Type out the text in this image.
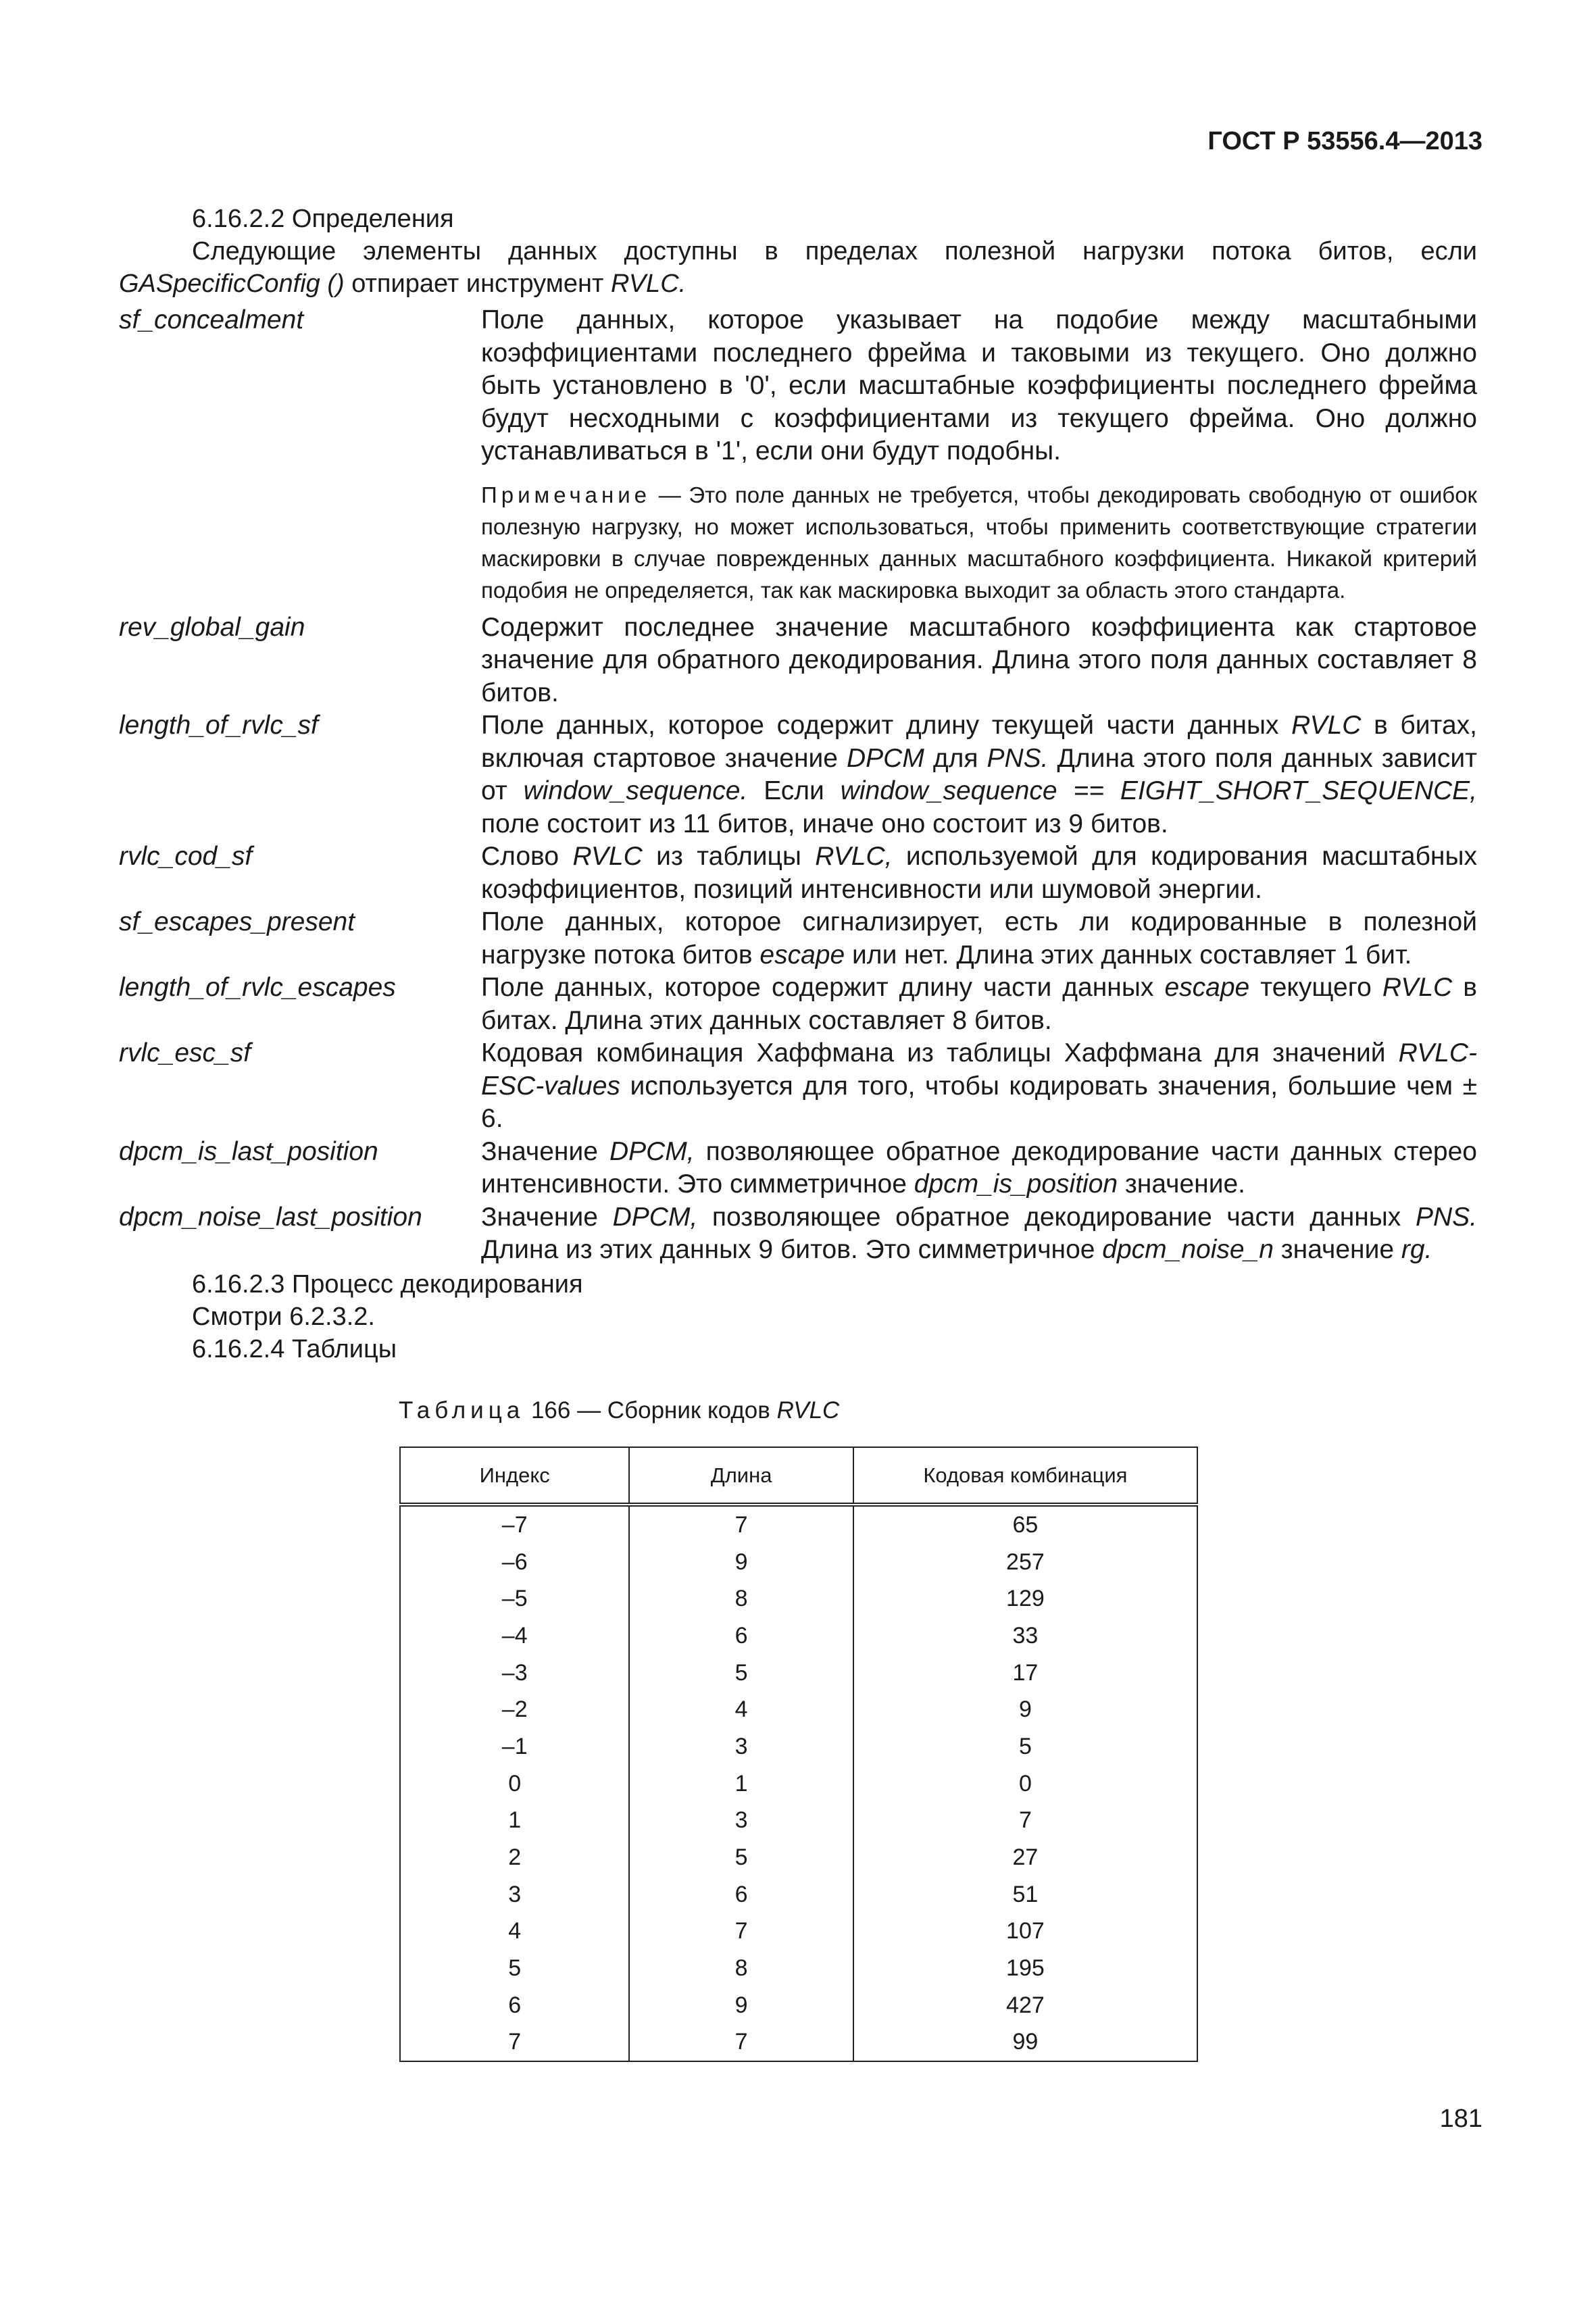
ГОСТ Р 53556.4—2013

6.16.2.2 Определения

Следующие элементы данных доступны в пределах полезной нагрузки потока битов, если
GASpecificConfig () отпирает инструмент RVLC.

sf_concealment	Поле данных, которое указывает на подобие между масштабными коэффициентами последнего фрейма и таковыми из текущего. Оно должно быть установлено в '0', если масштабные коэффициенты последнего фрейма будут несходными с коэффициентами из текущего фрейма. Оно должно устанавливаться в '1', если они будут подобны.
Примечание — Это поле данных не требуется, чтобы декодировать свободную от ошибок полезную нагрузку, но может использоваться, чтобы применить соответствующие стратегии маскировки в случае поврежденных данных масштабного коэффициента. Никакой критерий подобия не определяется, так как маскировка выходит за область этого стандарта.
rev_global_gain	Содержит последнее значение масштабного коэффициента как стартовое значение для обратного декодирования. Длина этого поля данных составляет 8 битов.
length_of_rvlc_sf	Поле данных, которое содержит длину текущей части данных RVLC в битах, включая стартовое значение DPCM для PNS. Длина этого поля данных зависит от window_sequence. Если window_sequence == EIGHT_SHORT_SEQUENCE, поле состоит из 11 битов, иначе оно состоит из 9 битов.
rvlc_cod_sf	Слово RVLC из таблицы RVLC, используемой для кодирования масштабных коэффициентов, позиций интенсивности или шумовой энергии.
sf_escapes_present	Поле данных, которое сигнализирует, есть ли кодированные в полезной нагрузке потока битов escape или нет. Длина этих данных составляет 1 бит.
length_of_rvlc_escapes	Поле данных, которое содержит длину части данных escape текущего RVLC в битах. Длина этих данных составляет 8 битов.
rvlc_esc_sf	Кодовая комбинация Хаффмана из таблицы Хаффмана для значений RVLC-ESC-values используется для того, чтобы кодировать значения, большие чем ± 6.
dpcm_is_last_position	Значение DPCM, позволяющее обратное декодирование части данных стерео интенсивности. Это симметричное dpcm_is_position значение.
dpcm_noise_last_position	Значение DPCM, позволяющее обратное декодирование части данных PNS. Длина из этих данных 9 битов. Это симметричное dpcm_noise_n значение rg.

6.16.2.3 Процесс декодирования

Смотри 6.2.3.2.

6.16.2.4 Таблицы

Таблица 166 — Сборник кодов RVLC
Индекс	Длина	Кодовая комбинация
–7	7	65
–6	9	257
–5	8	129
–4	6	33
–3	5	17
–2	4	9
–1	3	5
0	1	0
1	3	7
2	5	27
3	6	51
4	7	107
5	8	195
6	9	427
7	7	99
181
